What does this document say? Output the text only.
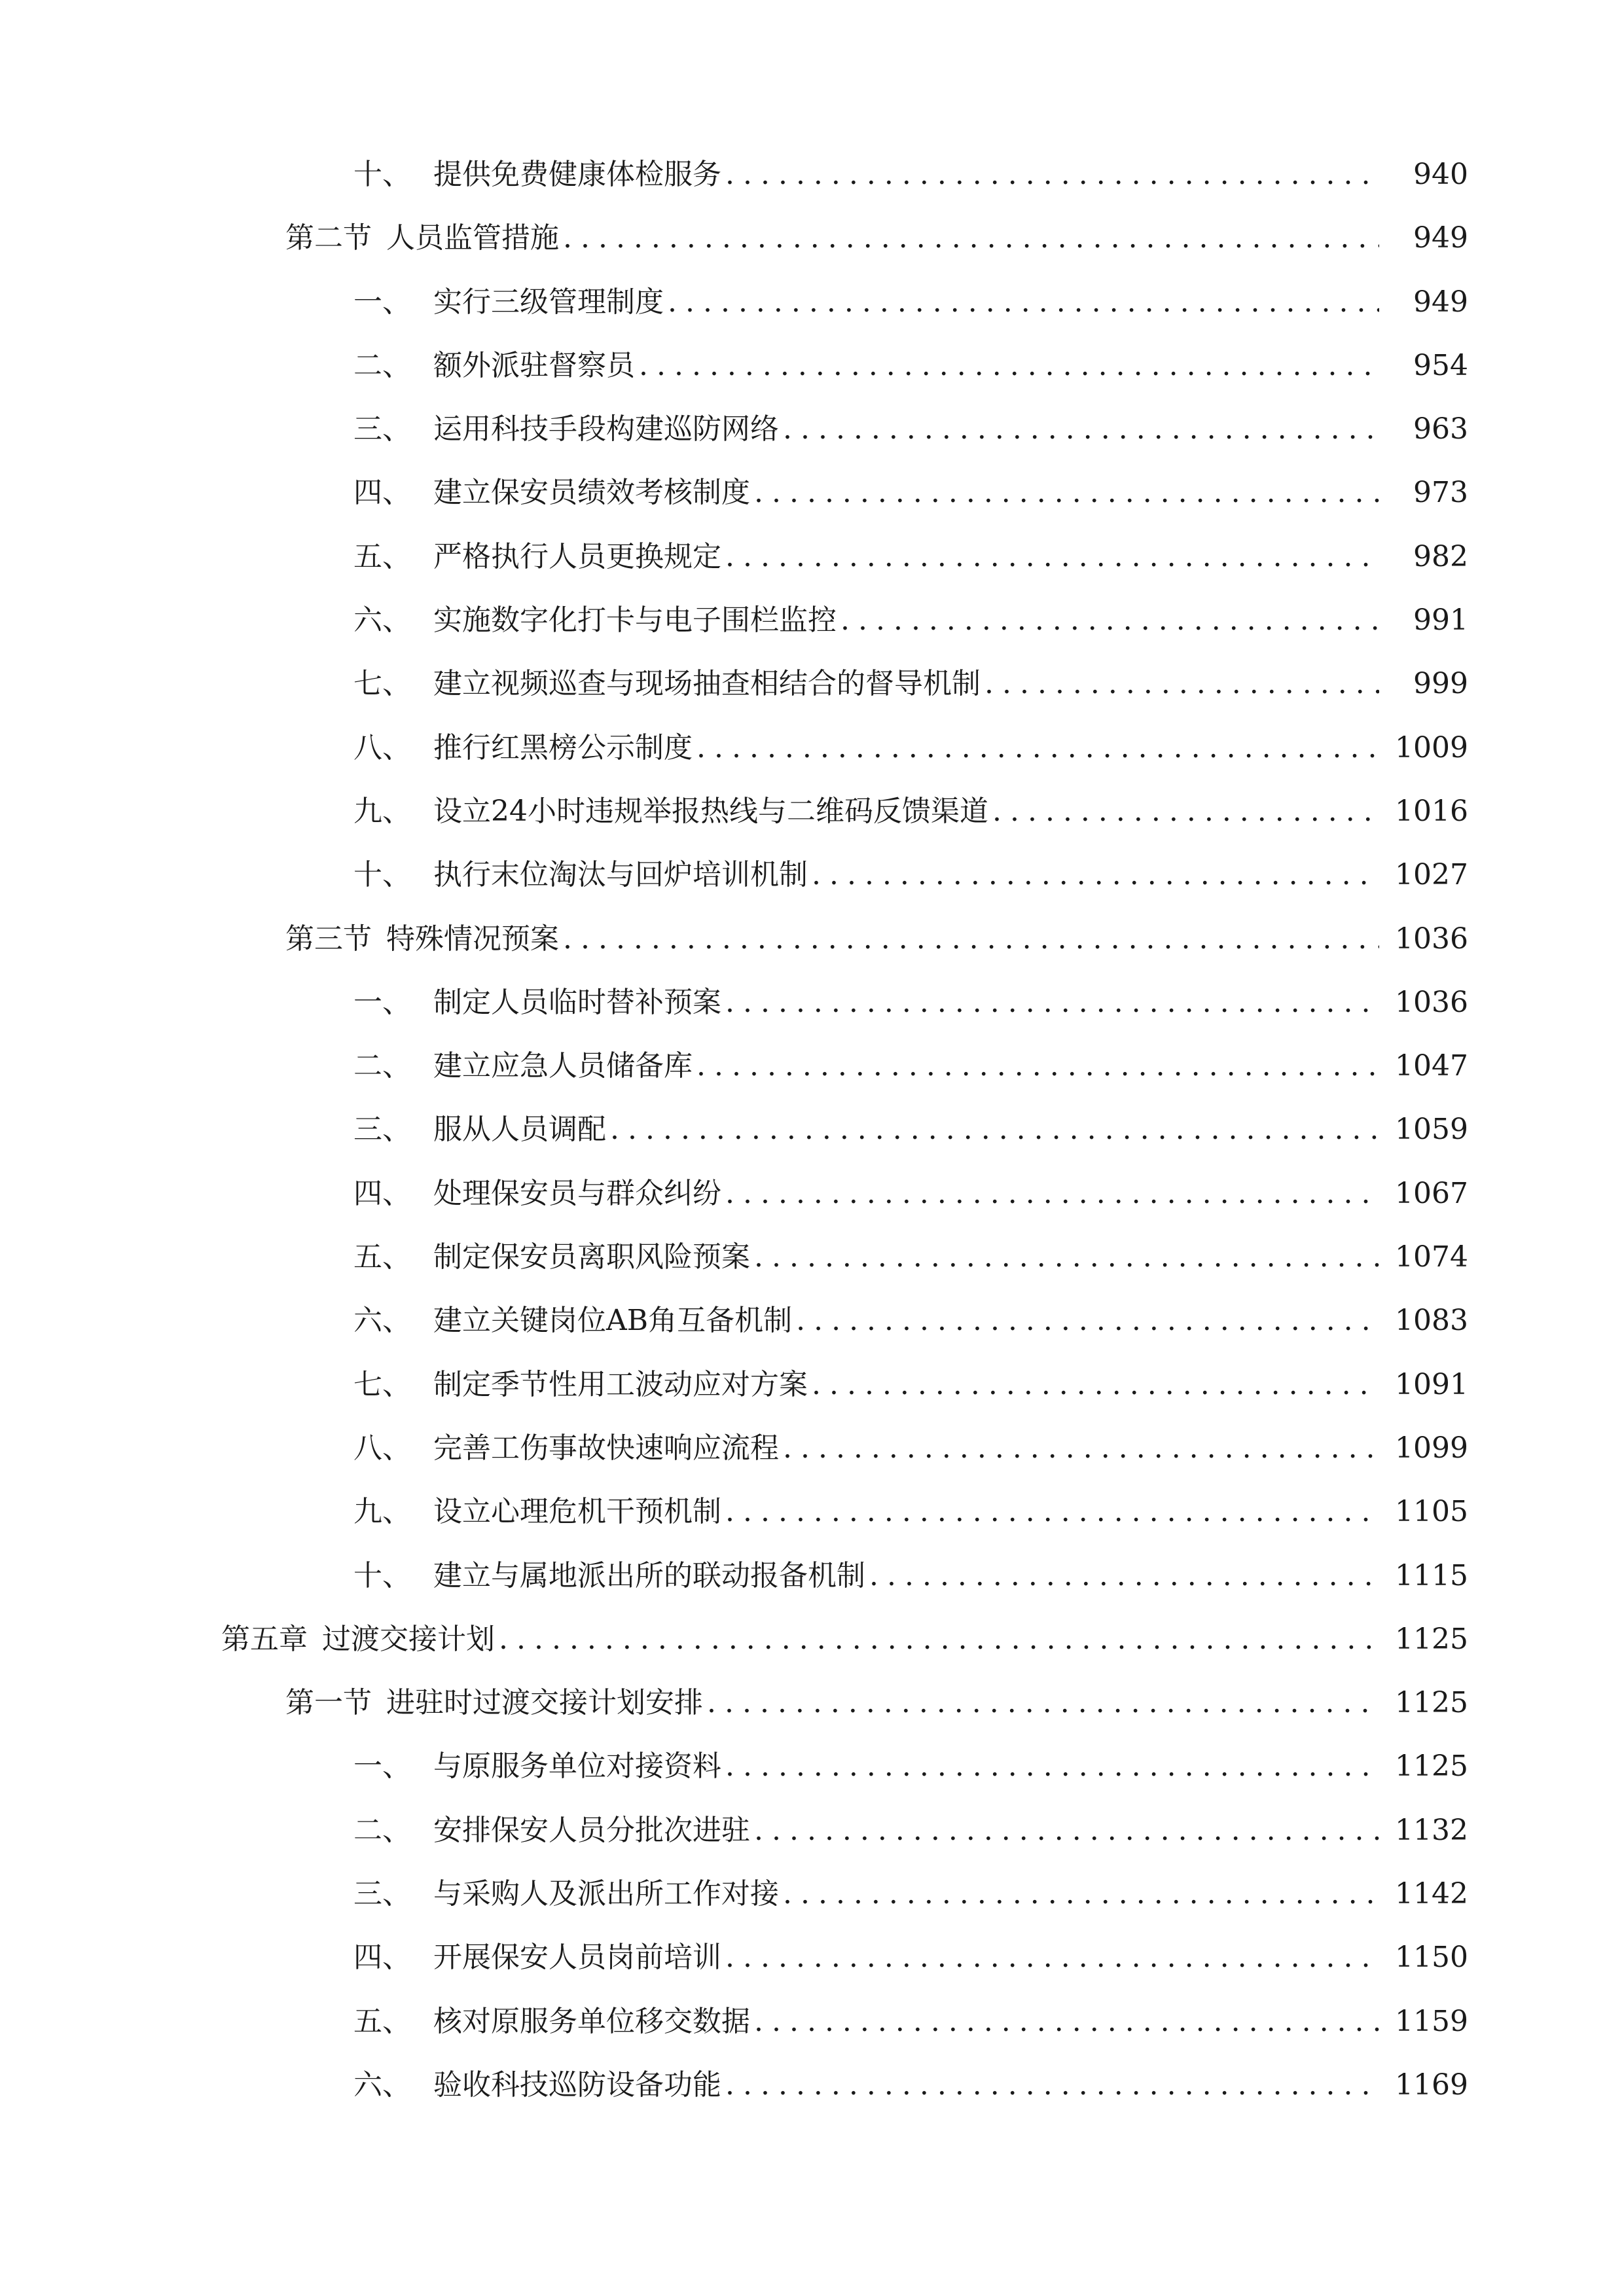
十、 提供免费健康体检服务 .....	940
第二节 人员监管措施 .....	949
一、 实行三级管理制度 .....	949
二、 额外派驻督察员 .....	954
三、 运用科技手段构建巡防网络 .....	963
四、 建立保安员绩效考核制度 .....	973
五、 严格执行人员更换规定 .....	982
六、 实施数字化打卡与电子围栏监控 .....	991
七、 建立视频巡查与现场抽查相结合的督导机制 .....	999
八、 推行红黑榜公示制度 .....	1009
九、 设立24小时违规举报热线与二维码反馈渠道 .....	1016
十、 执行末位淘汰与回炉培训机制 .....	1027
第三节 特殊情况预案 .....	1036
一、 制定人员临时替补预案 .....	1036
二、 建立应急人员储备库 .....	1047
三、 服从人员调配 .....	1059
四、 处理保安员与群众纠纷 .....	1067
五、 制定保安员离职风险预案 .....	1074
六、 建立关键岗位AB角互备机制 .....	1083
七、 制定季节性用工波动应对方案 .....	1091
八、 完善工伤事故快速响应流程 .....	1099
九、 设立心理危机干预机制 .....	1105
十、 建立与属地派出所的联动报备机制 .....	1115
第五章 过渡交接计划 .....	1125
第一节 进驻时过渡交接计划安排 .....	1125
一、 与原服务单位对接资料 .....	1125
二、 安排保安人员分批次进驻 .....	1132
三、 与采购人及派出所工作对接 .....	1142
四、 开展保安人员岗前培训 .....	1150
五、 核对原服务单位移交数据 .....	1159
六、 验收科技巡防设备功能 .....	1169
